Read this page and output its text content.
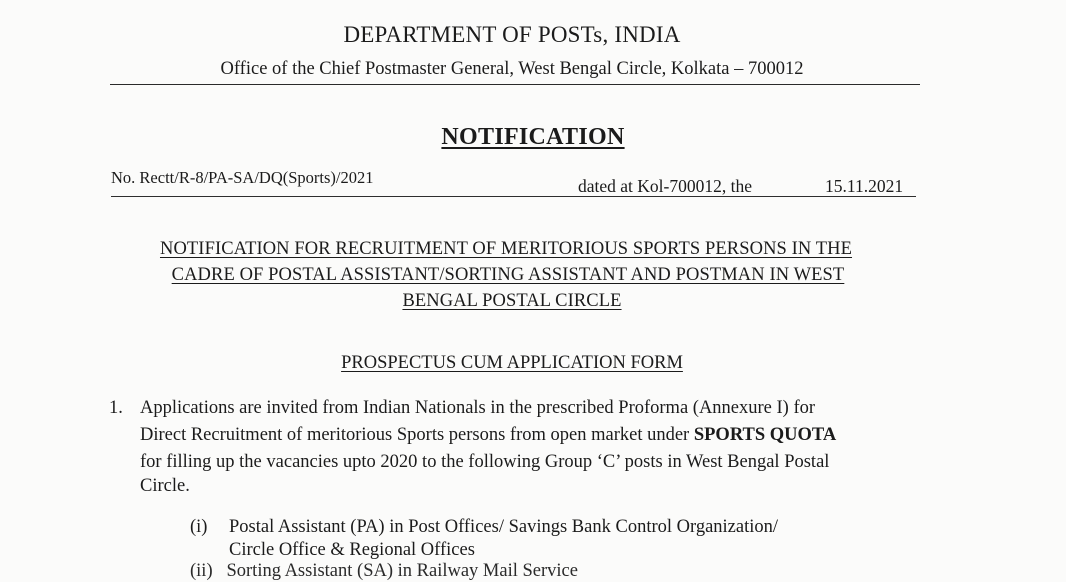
DEPARTMENT OF POSTs, INDIA
Office of the Chief Postmaster General, West Bengal Circle, Kolkata – 700012
NOTIFICATION
No. Rectt/R-8/PA-SA/DQ(Sports)/2021	dated at Kol-700012, the	15.11.2021
NOTIFICATION FOR RECRUITMENT OF MERITORIOUS SPORTS PERSONS IN THE
CADRE OF POSTAL ASSISTANT/SORTING ASSISTANT AND POSTMAN IN WEST
BENGAL POSTAL CIRCLE
PROSPECTUS CUM APPLICATION FORM
1. Applications are invited from Indian Nationals in the prescribed Proforma (Annexure I) for
Direct Recruitment of meritorious Sports persons from open market under SPORTS QUOTA
for filling up the vacancies upto 2020 to the following Group ‘C’ posts in West Bengal Postal
Circle.
(i) Postal Assistant (PA) in Post Offices/ Savings Bank Control Organization/
Circle Office & Regional Offices
(ii) Sorting Assistant (SA) in Railway Mail Service
